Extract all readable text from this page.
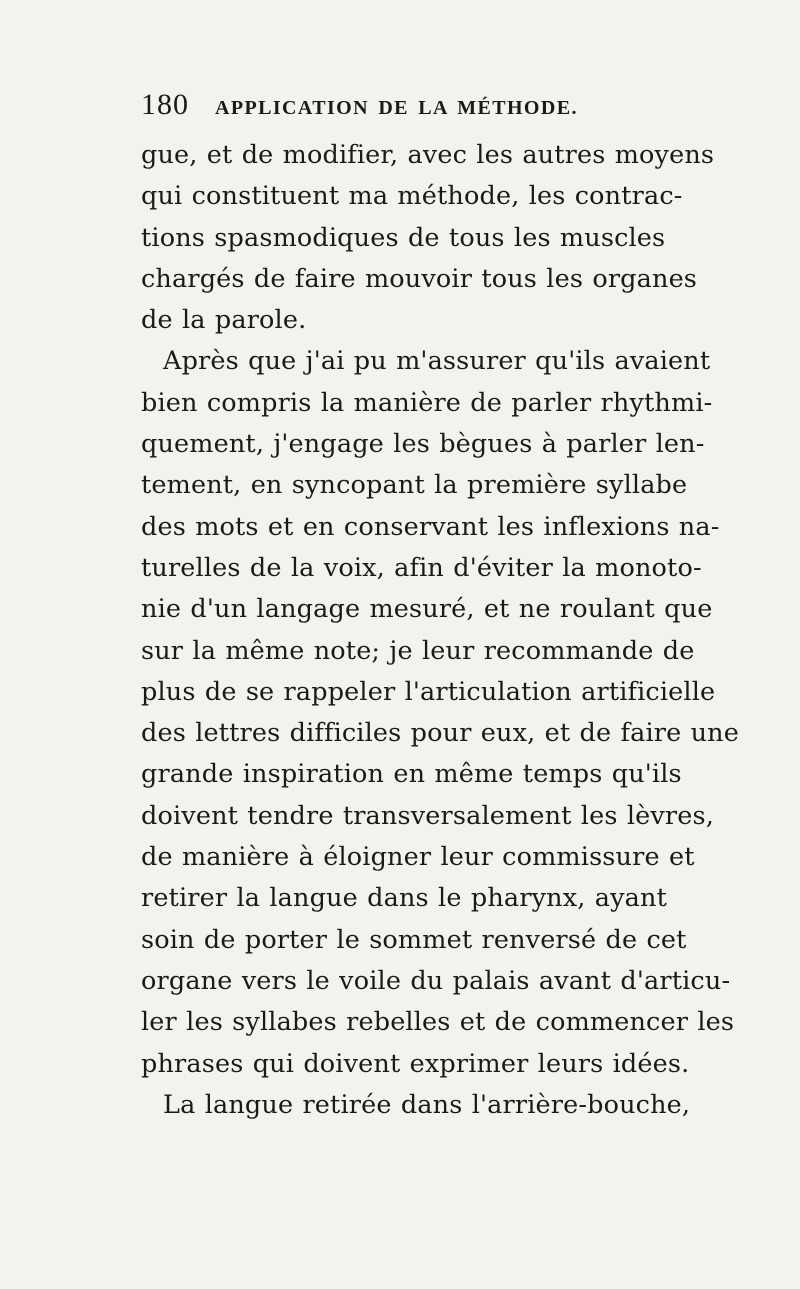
180 APPLICATION DE LA MÉTHODE.
gue, et de modifier, avec les autres moyens
qui constituent ma méthode, les contrac-
tions spasmodiques de tous les muscles
chargés de faire mouvoir tous les organes
de la parole.
Après que j'ai pu m'assurer qu'ils avaient
bien compris la manière de parler rhythmi-
quement, j'engage les bègues à parler len-
tement, en syncopant la première syllabe
des mots et en conservant les inflexions na-
turelles de la voix, afin d'éviter la monoto-
nie d'un langage mesuré, et ne roulant que
sur la même note; je leur recommande de
plus de se rappeler l'articulation artificielle
des lettres difficiles pour eux, et de faire une
grande inspiration en même temps qu'ils
doivent tendre transversalement les lèvres,
de manière à éloigner leur commissure et
retirer la langue dans le pharynx, ayant
soin de porter le sommet renversé de cet
organe vers le voile du palais avant d'articu-
ler les syllabes rebelles et de commencer les
phrases qui doivent exprimer leurs idées.
La langue retirée dans l'arrière-bouche,
